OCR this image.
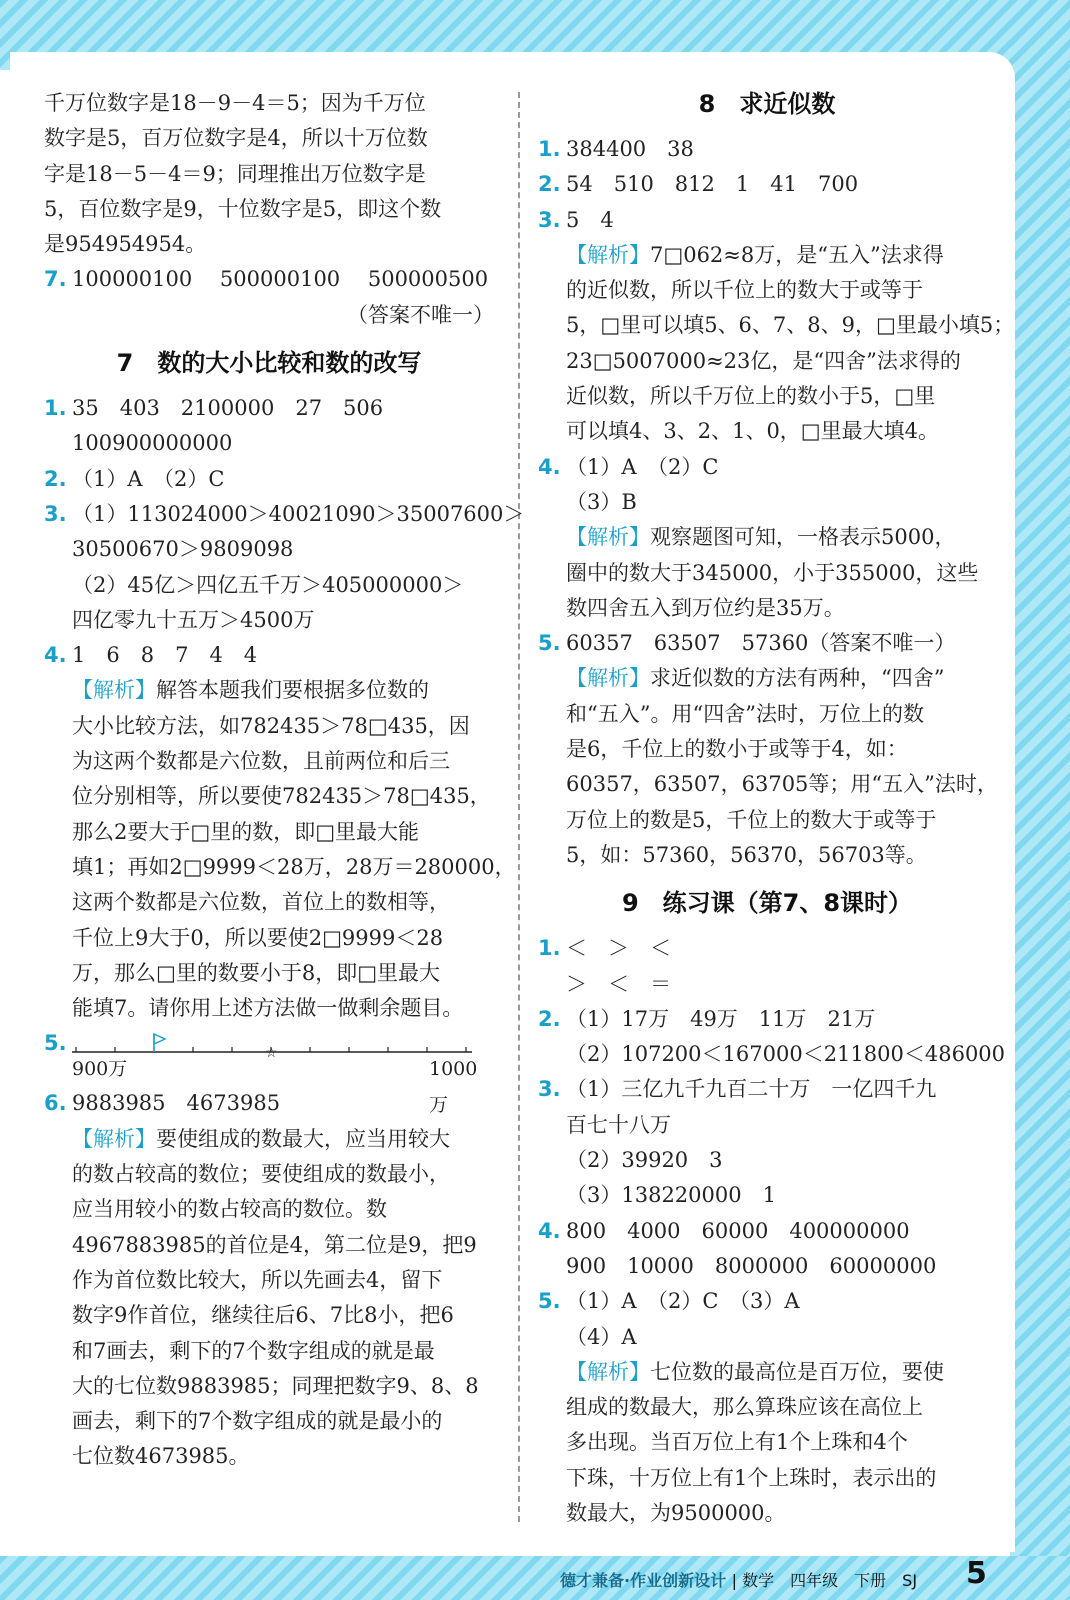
千万位数字是18－9－4＝5；因为千万位
数字是5，百万位数字是4，所以十万位数
字是18－5－4＝9；同理推出万位数字是
5，百位数字是9，十位数字是5，即这个数
是954954954。
7. 100000100　 500000100　 500000500
（答案不唯一）
7　数的大小比较和数的改写
1. 35　403　2100000　27　506
100900000000
2. （1）A　（2）C
3. （1）113024000＞40021090＞35007600＞
30500670＞9809098
（2）45亿＞四亿五千万＞405000000＞
四亿零九十五万＞4500万
4. 1　6　8　7　4　4
【解析】解答本题我们要根据多位数的
大小比较方法，如782435＞78□435，因
为这两个数都是六位数，且前两位和后三
位分别相等，所以要使782435＞78□435，
那么2要大于□里的数，即□里最大能
填1；再如2□9999＜28万，28万＝280000，
这两个数都是六位数，首位上的数相等，
千位上9大于0，所以要使2□9999＜28
万，那么□里的数要小于8，即□里最大
能填7。请你用上述方法做一做剩余题目。
5.	☆
900万	1000万
6. 9883985　4673985
【解析】要使组成的数最大，应当用较大
的数占较高的数位；要使组成的数最小，
应当用较小的数占较高的数位。数
4967883985的首位是4，第二位是9，把9
作为首位数比较大，所以先画去4，留下
数字9作首位，继续往后6、7比8小，把6
和7画去，剩下的7个数字组成的就是最
大的七位数9883985；同理把数字9、8、8
画去，剩下的7个数字组成的就是最小的
七位数4673985。
8　求近似数
1. 384400　38
2. 54　510　812　1　41　700
3. 5　4
【解析】7□062≈8万，是“五入”法求得
的近似数，所以千位上的数大于或等于
5，□里可以填5、6、7、8、9，□里最小填5；
23□5007000≈23亿，是“四舍”法求得的
近似数，所以千万位上的数小于5，□里
可以填4、3、2、1、0，□里最大填4。
4. （1）A　（2）C
（3）B
【解析】观察题图可知，一格表示5000，
圈中的数大于345000，小于355000，这些
数四舍五入到万位约是35万。
5. 60357　63507　57360（答案不唯一）
【解析】求近似数的方法有两种，“四舍”
和“五入”。用“四舍”法时，万位上的数
是6，千位上的数小于或等于4，如：
60357，63507，63705等；用“五入”法时，
万位上的数是5，千位上的数大于或等于
5，如：57360，56370，56703等。
9　练习课（第7、8课时）
1. ＜　＞　＜
＞　＜　＝
2. （1）17万　49万　11万　21万
（2）107200＜167000＜211800＜486000
3. （1）三亿九千九百二十万　一亿四千九
百七十八万
（2）39920　3
（3）138220000　1
4. 800　4000　60000　400000000
900　10000　8000000　60000000
5. （1）A　（2）C　（3）A
（4）A
【解析】七位数的最高位是百万位，要使
组成的数最大，那么算珠应该在高位上
多出现。当百万位上有1个上珠和4个
下珠，十万位上有1个上珠时，表示出的
数最大，为9500000。
德才兼备·作业创新设计 | 数学　四年级　下册　SJ 5
